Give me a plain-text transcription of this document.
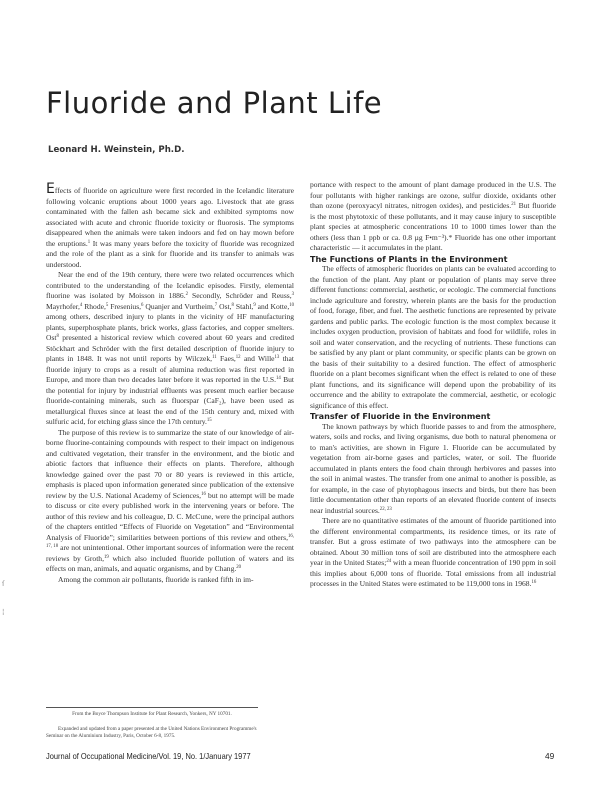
Fluoride and Plant Life
Leonard H. Weinstein, Ph.D.

Effects of fluoride on agriculture were first recorded in the Icelandic literature following volcanic eruptions about 1000 years ago. Livestock that ate grass contaminated with the fallen ash became sick and exhibited symptoms now associated with acute and chronic fluoride toxicity or fluorosis. The symptoms disappeared when the animals were taken indoors and fed on hay mown before the eruptions.$^1$ It was many years before the toxicity of fluoride was recognized and the role of the plant as a sink for fluoride and its transfer to animals was understood.

Near the end of the 19th century, there were two related occurrences which contributed to the understanding of the Icelandic episodes. Firstly, elemental fluorine was isolated by Moisson in 1886.$^2$ Secondly, Schröder and Reuss,$^3$ Mayrhofer,$^4$ Rhode,$^5$ Fresenius,$^6$ Quanjer and Vurtheim,$^7$ Ost,$^8$ Stahl,$^9$ and Kotte,$^{10}$ among others, described injury to plants in the vicinity of HF manufacturing plants, superphosphate plants, brick works, glass factories, and copper smelters. Ost$^8$ presented a historical review which covered about 60 years and credited Stöckhart and Schröder with the first detailed description of fluoride injury to plants in 1848. It was not until reports by Wilczek,$^{11}$ Faes,$^{12}$ and Wille$^{13}$ that fluoride injury to crops as a result of alumina reduction was first reported in Europe, and more than two decades later before it was reported in the U.S.$^{14}$ But the potential for injury by industrial effluents was present much earlier because fluoride-containing minerals, such as fluorspar (CaF₂), have been used as metallurgical fluxes since at least the end of the 15th century and, mixed with sulfuric acid, for etching glass since the 17th century.$^{15}$

The purpose of this review is to summarize the state of our knowledge of air-borne fluorine-containing compounds with respect to their impact on indigenous and cultivated vegetation, their transfer in the environment, and the biotic and abiotic factors that influence their effects on plants. Therefore, although knowledge gained over the past 70 or 80 years is reviewed in this article, emphasis is placed upon information generated since publication of the extensive review by the U.S. National Academy of Sciences,$^{16}$ but no attempt will be made to discuss or cite every published work in the intervening years or before. The author of this review and his colleague, D. C. McCune, were the principal authors of the chapters entitled “Effects of Fluoride on Vegetation” and “Environmental Analysis of Fluoride”; similarities between portions of this review and others,$^{16, 17, 18}$ are not unintentional. Other important sources of information were the recent reviews by Groth,$^{19}$ which also included fluoride pollution of waters and its effects on man, animals, and aquatic organisms, and by Chang.$^{20}$

Among the common air pollutants, fluoride is ranked fifth in im-

portance with respect to the amount of plant damage produced in the U.S. The four pollutants with higher rankings are ozone, sulfur dioxide, oxidants other than ozone (peroxyacyl nitrates, nitrogen oxides), and pesticides.$^{21}$ But fluoride is the most phytotoxic of these pollutants, and it may cause injury to susceptible plant species at atmospheric concentrations 10 to 1000 times lower than the others (less than 1 ppb or ca. 0.8 µg F•m⁻³).* Fluoride has one other important characteristic — it accumulates in the plant.

The Functions of Plants in the Environment

The effects of atmospheric fluorides on plants can be evaluated according to the function of the plant. Any plant or population of plants may serve three different functions: commercial, aesthetic, or ecologic. The commercial functions include agriculture and forestry, wherein plants are the basis for the production of food, forage, fiber, and fuel. The aesthetic functions are represented by private gardens and public parks. The ecologic function is the most complex because it includes oxygen production, provision of habitats and food for wildlife, roles in soil and water conservation, and the recycling of nutrients. These functions can be satisfied by any plant or plant community, or specific plants can be grown on the basis of their suitability to a desired function. The effect of atmospheric fluoride on a plant becomes significant when the effect is related to one of these plant functions, and its significance will depend upon the probability of its occurrence and the ability to extrapolate the commercial, aesthetic, or ecologic significance of this effect.

Transfer of Fluoride in the Environment

The known pathways by which fluoride passes to and from the atmosphere, waters, soils and rocks, and living organisms, due both to natural phenomena or to man's activities, are shown in Figure 1. Fluoride can be accumulated by vegetation from air-borne gases and particles, water, or soil. The fluoride accumulated in plants enters the food chain through herbivores and passes into the soil in animal wastes. The transfer from one animal to another is possible, as for example, in the case of phytophagous insects and birds, but there has been little documentation other than reports of an elevated fluoride content of insects near industrial sources.$^{22, 23}$

There are no quantitative estimates of the amount of fluoride partitioned into the different environmental compartments, its residence times, or its rate of transfer. But a gross estimate of two pathways into the atmosphere can be obtained. About 30 million tons of soil are distributed into the atmosphere each year in the United States;$^{24}$ with a mean fluoride concentration of 190 ppm in soil this implies about 6,000 tons of fluoride. Total emissions from all industrial processes in the United States were estimated to be 119,000 tons in 1968.16

From the Boyce Thompson Institute for Plant Research, Yonkers, NY 10701.
Expanded and updated from a paper presented at the United Nations Environment Programme's Seminar on the Aluminium Industry, Paris, October 6-8, 1975.
Journal of Occupational Medicine/Vol. 19, No. 1/January 1977	49
ſ
¦
